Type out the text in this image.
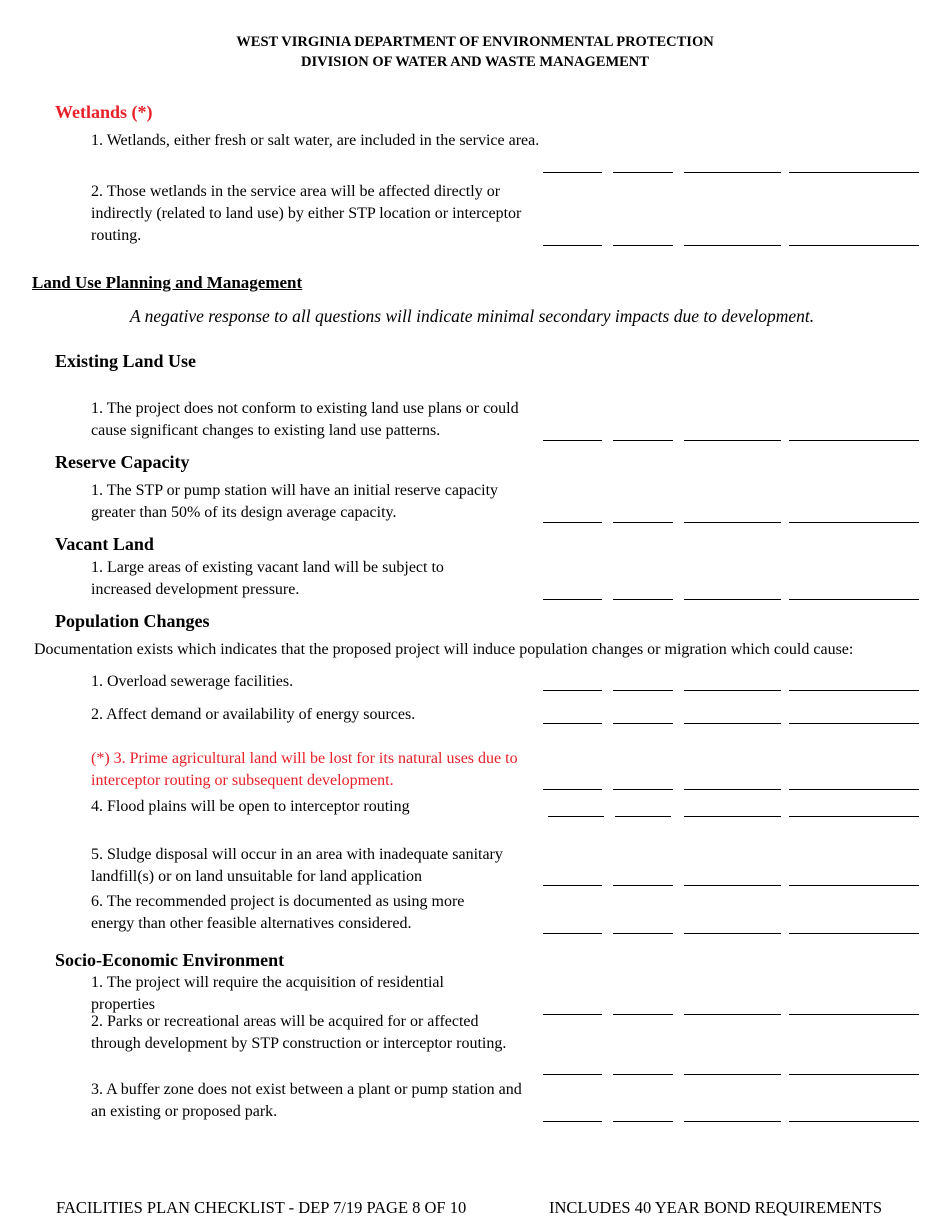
WEST VIRGINIA DEPARTMENT OF ENVIRONMENTAL PROTECTION
DIVISION OF WATER AND WASTE MANAGEMENT
Wetlands (*)
1. Wetlands, either fresh or salt water, are included in the service area.
2. Those wetlands in the service area will be affected directly or indirectly (related to land use) by either STP location or interceptor routing.
Land Use Planning and Management
A negative response to all questions will indicate minimal secondary impacts due to development.
Existing Land Use
1. The project does not conform to existing land use plans or could cause significant changes to existing land use patterns.
Reserve Capacity
1. The STP or pump station will have an initial reserve capacity greater than 50% of its design average capacity.
Vacant Land
1. Large areas of existing vacant land will be subject to increased development pressure.
Population Changes
Documentation exists which indicates that the proposed project will induce population changes or migration which could cause:
1. Overload sewerage facilities.
2. Affect demand or availability of energy sources.
(*) 3. Prime agricultural land will be lost for its natural uses due to interceptor routing or subsequent development.
4. Flood plains will be open to interceptor routing
5. Sludge disposal will occur in an area with inadequate sanitary landfill(s) or on land unsuitable for land application
6. The recommended project is documented as using more energy than other feasible alternatives considered.
Socio-Economic Environment
1. The project will require the acquisition of residential properties
2. Parks or recreational areas will be acquired for or affected through development by STP construction or interceptor routing.
3. A buffer zone does not exist between a plant or pump station and an existing or proposed park.
FACILITIES PLAN CHECKLIST - DEP 7/19 PAGE 8 OF 10	INCLUDES 40 YEAR BOND REQUIREMENTS
